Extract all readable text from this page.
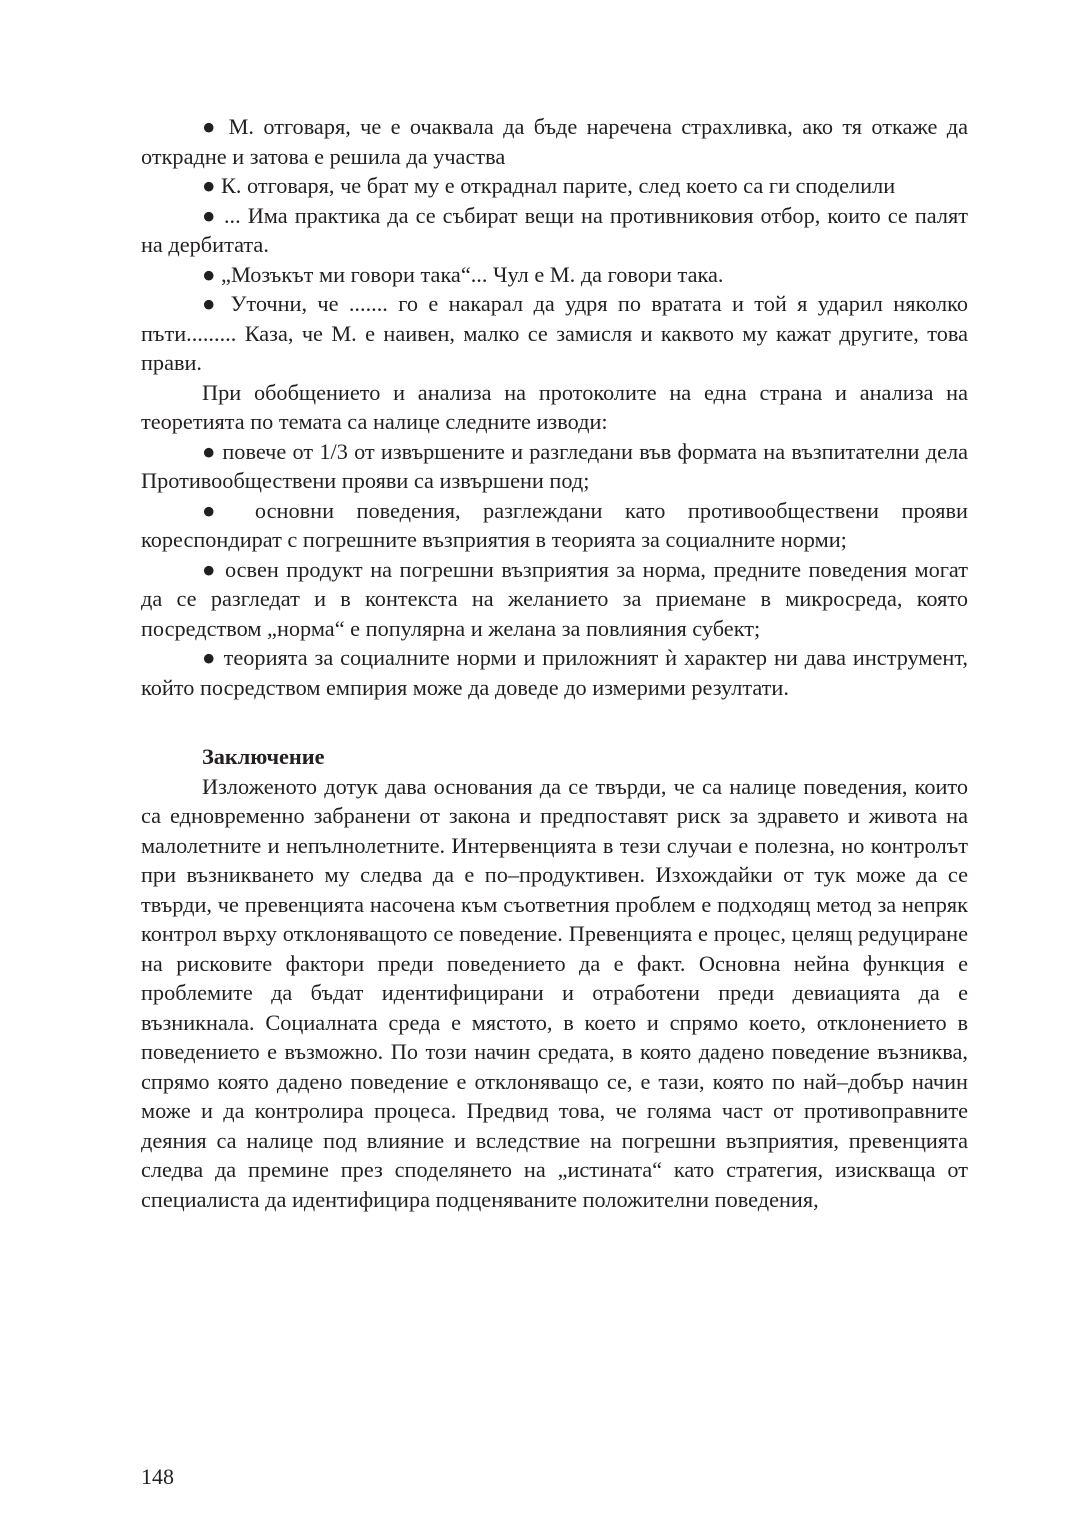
● М. отговаря, че е очаквала да бъде наречена страхливка, ако тя откаже да открадне и затова е решила да участва

● К. отговаря, че брат му е откраднал парите, след което са ги споделили

● ... Има практика да се събират вещи на противниковия отбор, които се палят на дербитата.

● „Мозъкът ми говори така“... Чул е М. да говори така.

● Уточни, че ....... го е накарал да удря по вратата и той я ударил няколко пъти......... Каза, че М. е наивен, малко се замисля и каквото му кажат другите, това прави.

При обобщението и анализа на протоколите на една страна и анализа на теоретията по темата са налице следните изводи:

● повече от 1/3 от извършените и разгледани във формата на възпитателни дела Противообществени прояви са извършени под;

● основни поведения, разглеждани като противообществени прояви кореспондират с погрешните възприятия в теорията за социалните норми;

● освен продукт на погрешни възприятия за норма, предните поведения могат да се разгледат и в контекста на желанието за приемане в микросреда, която посредством „норма“ е популярна и желана за повлияния субект;

● теорията за социалните норми и приложният ѝ характер ни дава инструмент, който посредством емпирия може да доведе до измерими резултати.

Заключение

Изложеното дотук дава основания да се твърди, че са налице поведения, които са едновременно забранени от закона и предпоставят риск за здравето и живота на малолетните и непълнолетните. Интервенцията в тези случаи е полезна, но контролът при възникването му следва да е по–продуктивен. Изхождайки от тук може да се твърди, че превенцията насочена към съответния проблем е подходящ метод за непряк контрол върху отклоняващото се поведение. Превенцията е процес, целящ редуциране на рисковите фактори преди поведението да е факт. Основна нейна функция е проблемите да бъдат идентифицирани и отработени преди девиацията да е възникнала. Социалната среда е мястото, в което и спрямо което, отклонението в поведението е възможно. По този начин средата, в която дадено поведение възниква, спрямо която дадено поведение е отклоняващо се, е тази, която по най–добър начин може и да контролира процеса. Предвид това, че голяма част от противоправните деяния са налице под влияние и вследствие на погрешни възприятия, превенцията следва да премине през споделянето на „истината“ като стратегия, изискваща от специалиста да идентифицира подценяваните положителни поведения,

148
